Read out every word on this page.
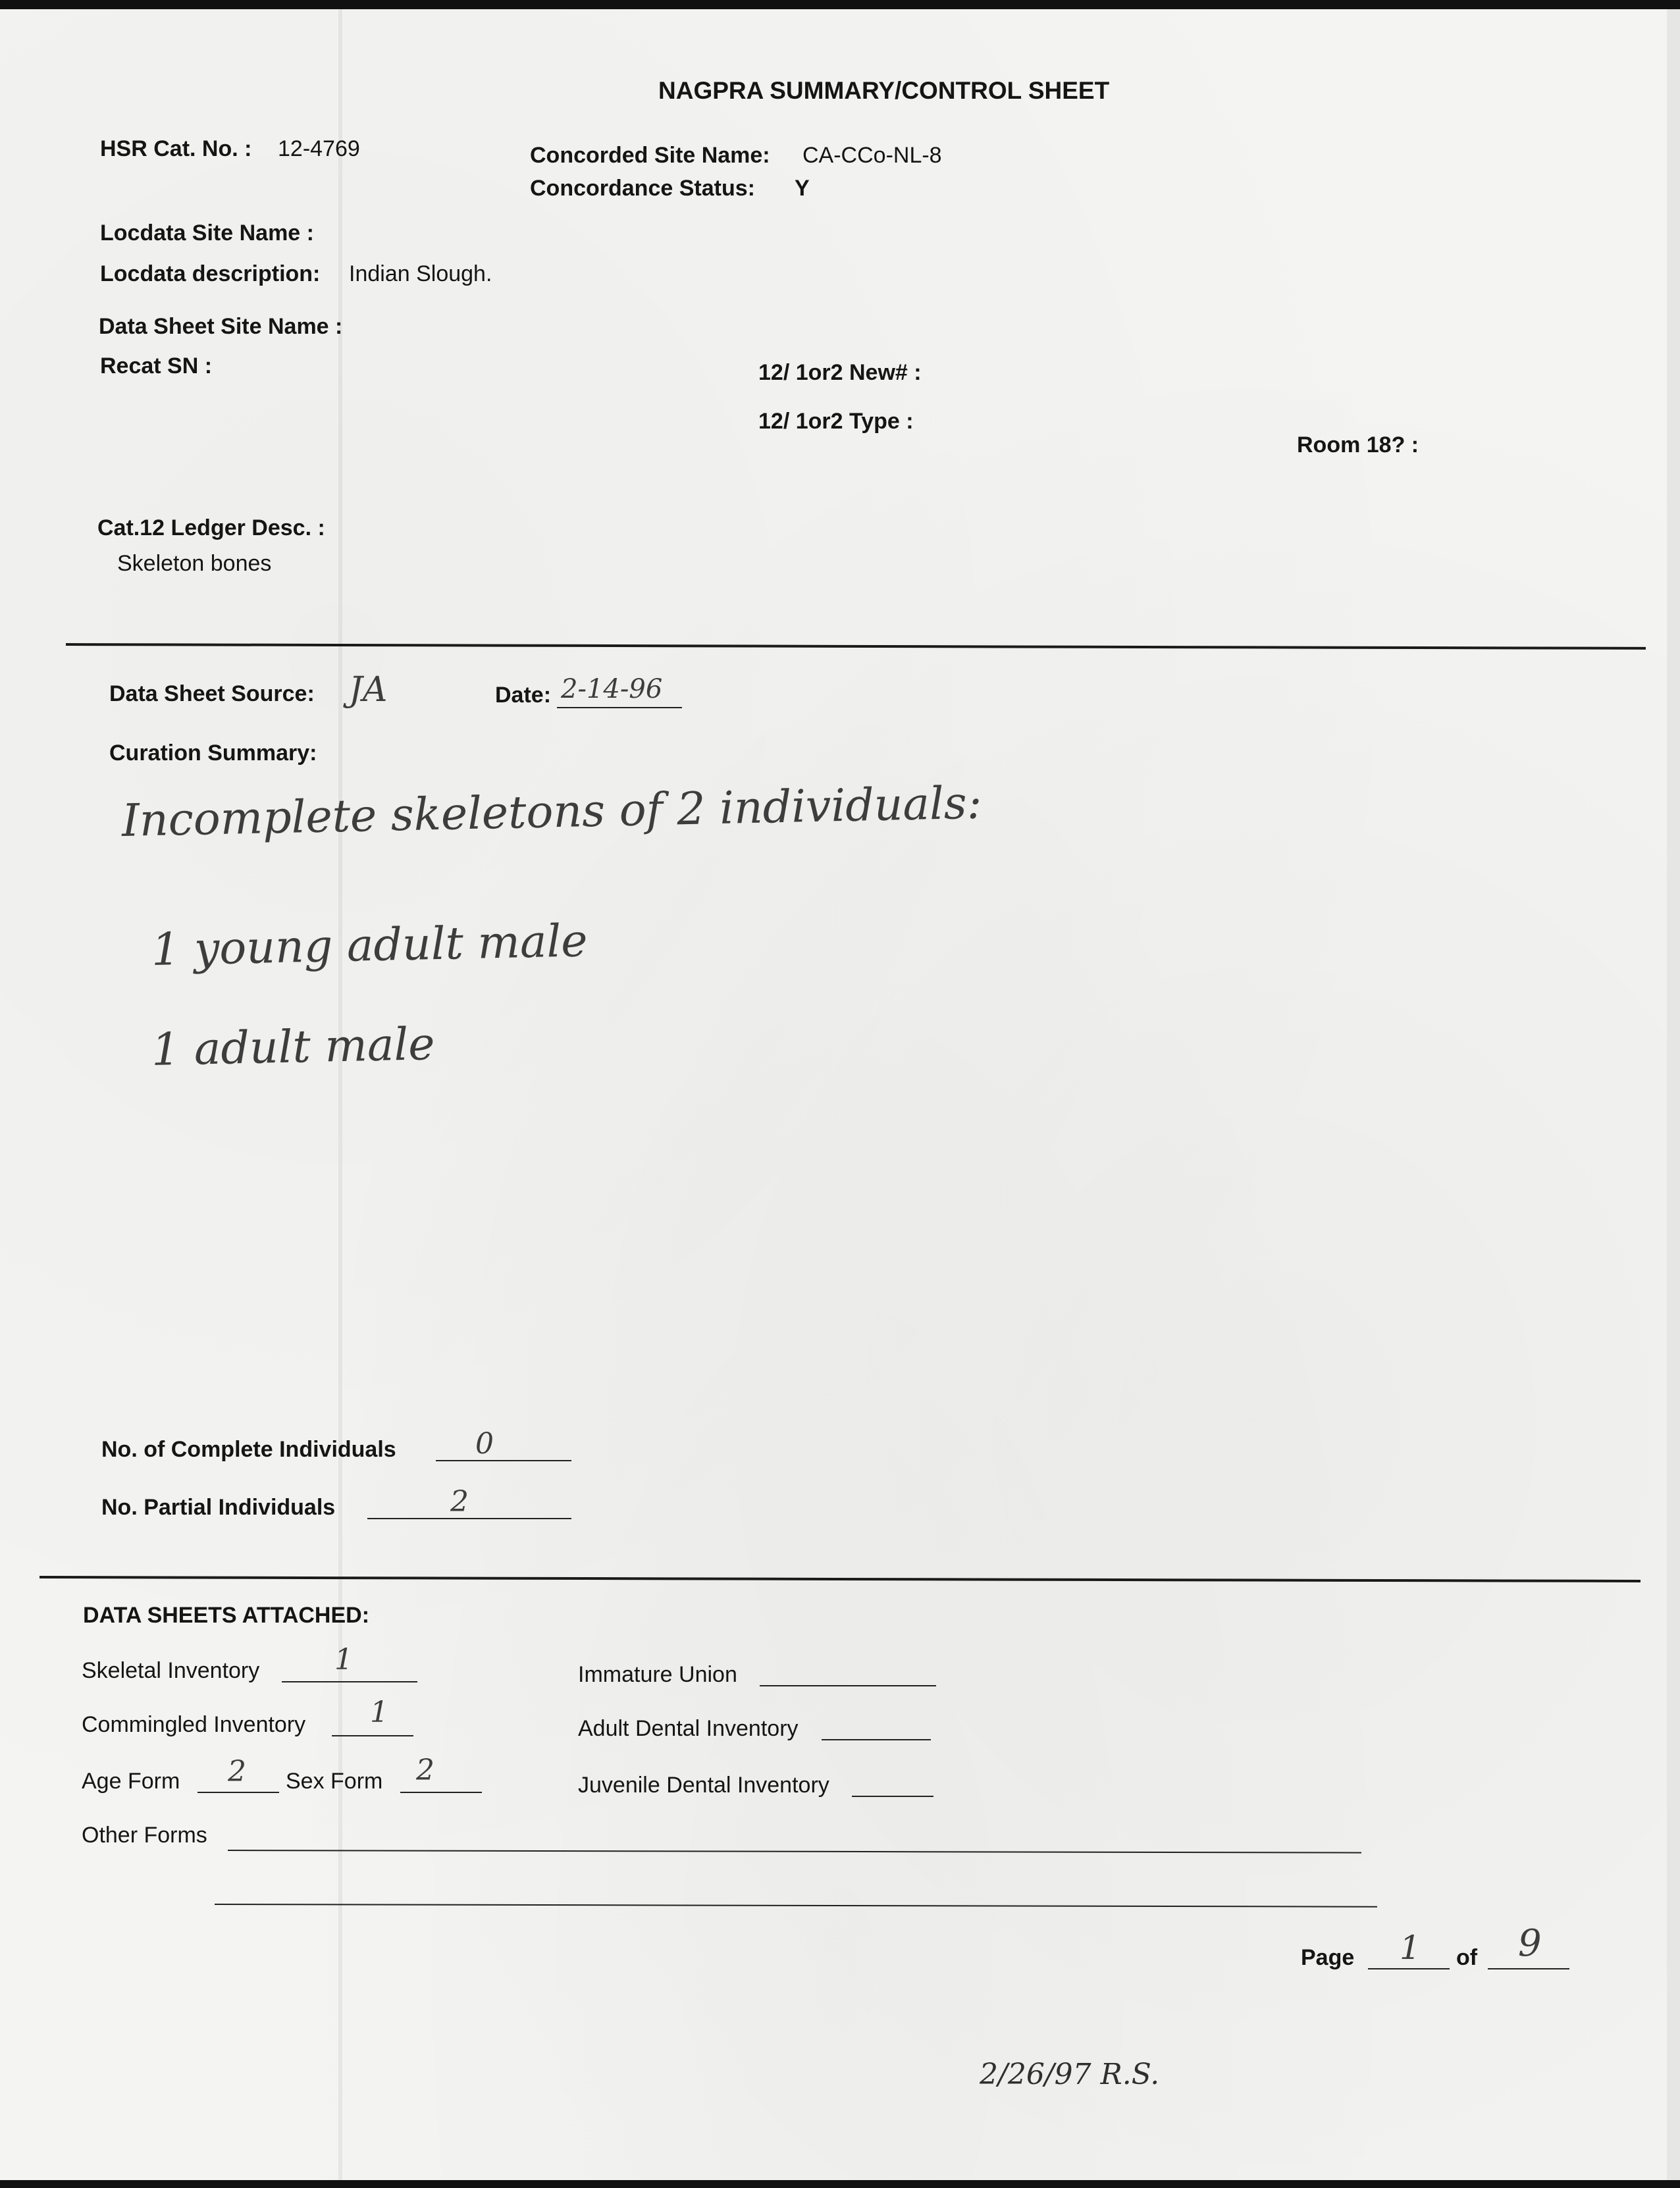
NAGPRA SUMMARY/CONTROL SHEET
HSR Cat. No. : 12-4769	Concorded Site Name: CA-CCo-NL-8
Concordance Status: Y
Locdata Site Name :
Locdata description: Indian Slough.
Data Sheet Site Name :
Recat SN :	12/ 1or2 New# :
12/ 1or2 Type :
Room 18? :
Cat.12 Ledger Desc. :
Skeleton bones
Data Sheet Source: JA	Date: 2-14-96
Curation Summary:
Incomplete skeletons of 2 individuals:
1 young adult male
1 adult male
No. of Complete Individuals	0
No. Partial Individuals	2
DATA SHEETS ATTACHED:
Skeletal Inventory	1
Commingled Inventory 1
Age Form 2 Sex Form 2
Immature Union
Adult Dental Inventory
Juvenile Dental Inventory
Other Forms
Page 1 of 9
2/26/97 R.S.
